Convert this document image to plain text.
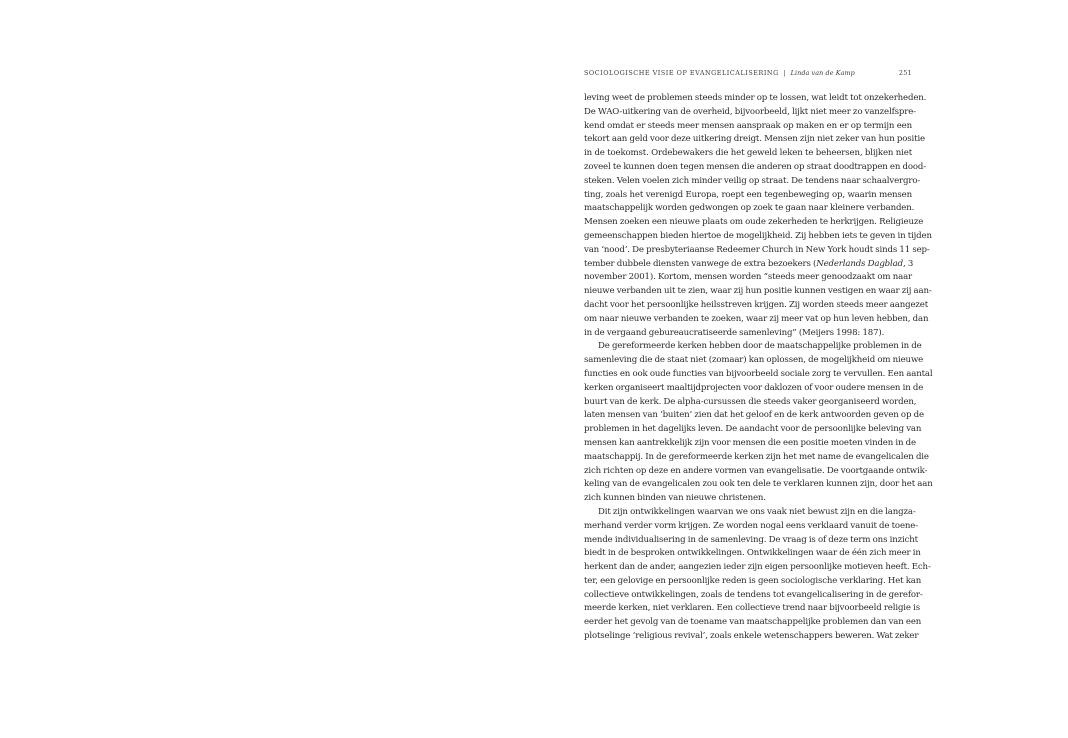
SOCIOLOGISCHE VISIE OP EVANGELICALISERING | Linda van de Kamp	251

leving weet de problemen steeds minder op te lossen, wat leidt tot onzekerheden.
De WAO-uitkering van de overheid, bijvoorbeeld, lijkt niet meer zo vanzelfspre-
kend omdat er steeds meer mensen aanspraak op maken en er op termijn een
tekort aan geld voor deze uitkering dreigt. Mensen zijn niet zeker van hun positie
in de toekomst. Ordebewakers die het geweld leken te beheersen, blijken niet
zoveel te kunnen doen tegen mensen die anderen op straat doodtrappen en dood-
steken. Velen voelen zich minder veilig op straat. De tendens naar schaalvergro-
ting, zoals het verenigd Europa, roept een tegenbeweging op, waarin mensen
maatschappelijk worden gedwongen op zoek te gaan naar kleinere verbanden.
Mensen zoeken een nieuwe plaats om oude zekerheden te herkrijgen. Religieuze
gemeenschappen bieden hiertoe de mogelijkheid. Zij hebben iets te geven in tijden
van ‘nood’. De presbyteriaanse Redeemer Church in New York houdt sinds 11 sep-
tember dubbele diensten vanwege de extra bezoekers (Nederlands Dagblad, 3
november 2001). Kortom, mensen worden “steeds meer genoodzaakt om naar
nieuwe verbanden uit te zien, waar zij hun positie kunnen vestigen en waar zij aan-
dacht voor het persoonlijke heilsstreven krijgen. Zij worden steeds meer aangezet
om naar nieuwe verbanden te zoeken, waar zij meer vat op hun leven hebben, dan
in de vergaand gebureaucratiseerde samenleving” (Meijers 1998: 187).

De gereformeerde kerken hebben door de maatschappelijke problemen in de
samenleving die de staat niet (zomaar) kan oplossen, de mogelijkheid om nieuwe
functies en ook oude functies van bijvoorbeeld sociale zorg te vervullen. Een aantal
kerken organiseert maaltijdprojecten voor daklozen of voor oudere mensen in de
buurt van de kerk. De alpha-cursussen die steeds vaker georganiseerd worden,
laten mensen van ‘buiten’ zien dat het geloof en de kerk antwoorden geven op de
problemen in het dagelijks leven. De aandacht voor de persoonlijke beleving van
mensen kan aantrekkelijk zijn voor mensen die een positie moeten vinden in de
maatschappij. In de gereformeerde kerken zijn het met name de evangelicalen die
zich richten op deze en andere vormen van evangelisatie. De voortgaande ontwik-
keling van de evangelicalen zou ook ten dele te verklaren kunnen zijn, door het aan
zich kunnen binden van nieuwe christenen.

Dit zijn ontwikkelingen waarvan we ons vaak niet bewust zijn en die langza-
merhand verder vorm krijgen. Ze worden nogal eens verklaard vanuit de toene-
mende individualisering in de samenleving. De vraag is of deze term ons inzicht
biedt in de besproken ontwikkelingen. Ontwikkelingen waar de één zich meer in
herkent dan de ander, aangezien ieder zijn eigen persoonlijke motieven heeft. Ech-
ter, een gelovige en persoonlijke reden is geen sociologische verklaring. Het kan
collectieve ontwikkelingen, zoals de tendens tot evangelicalisering in de gerefor-
meerde kerken, niet verklaren. Een collectieve trend naar bijvoorbeeld religie is
eerder het gevolg van de toename van maatschappelijke problemen dan van een
plotselinge ‘religious revival’, zoals enkele wetenschappers beweren. Wat zeker
